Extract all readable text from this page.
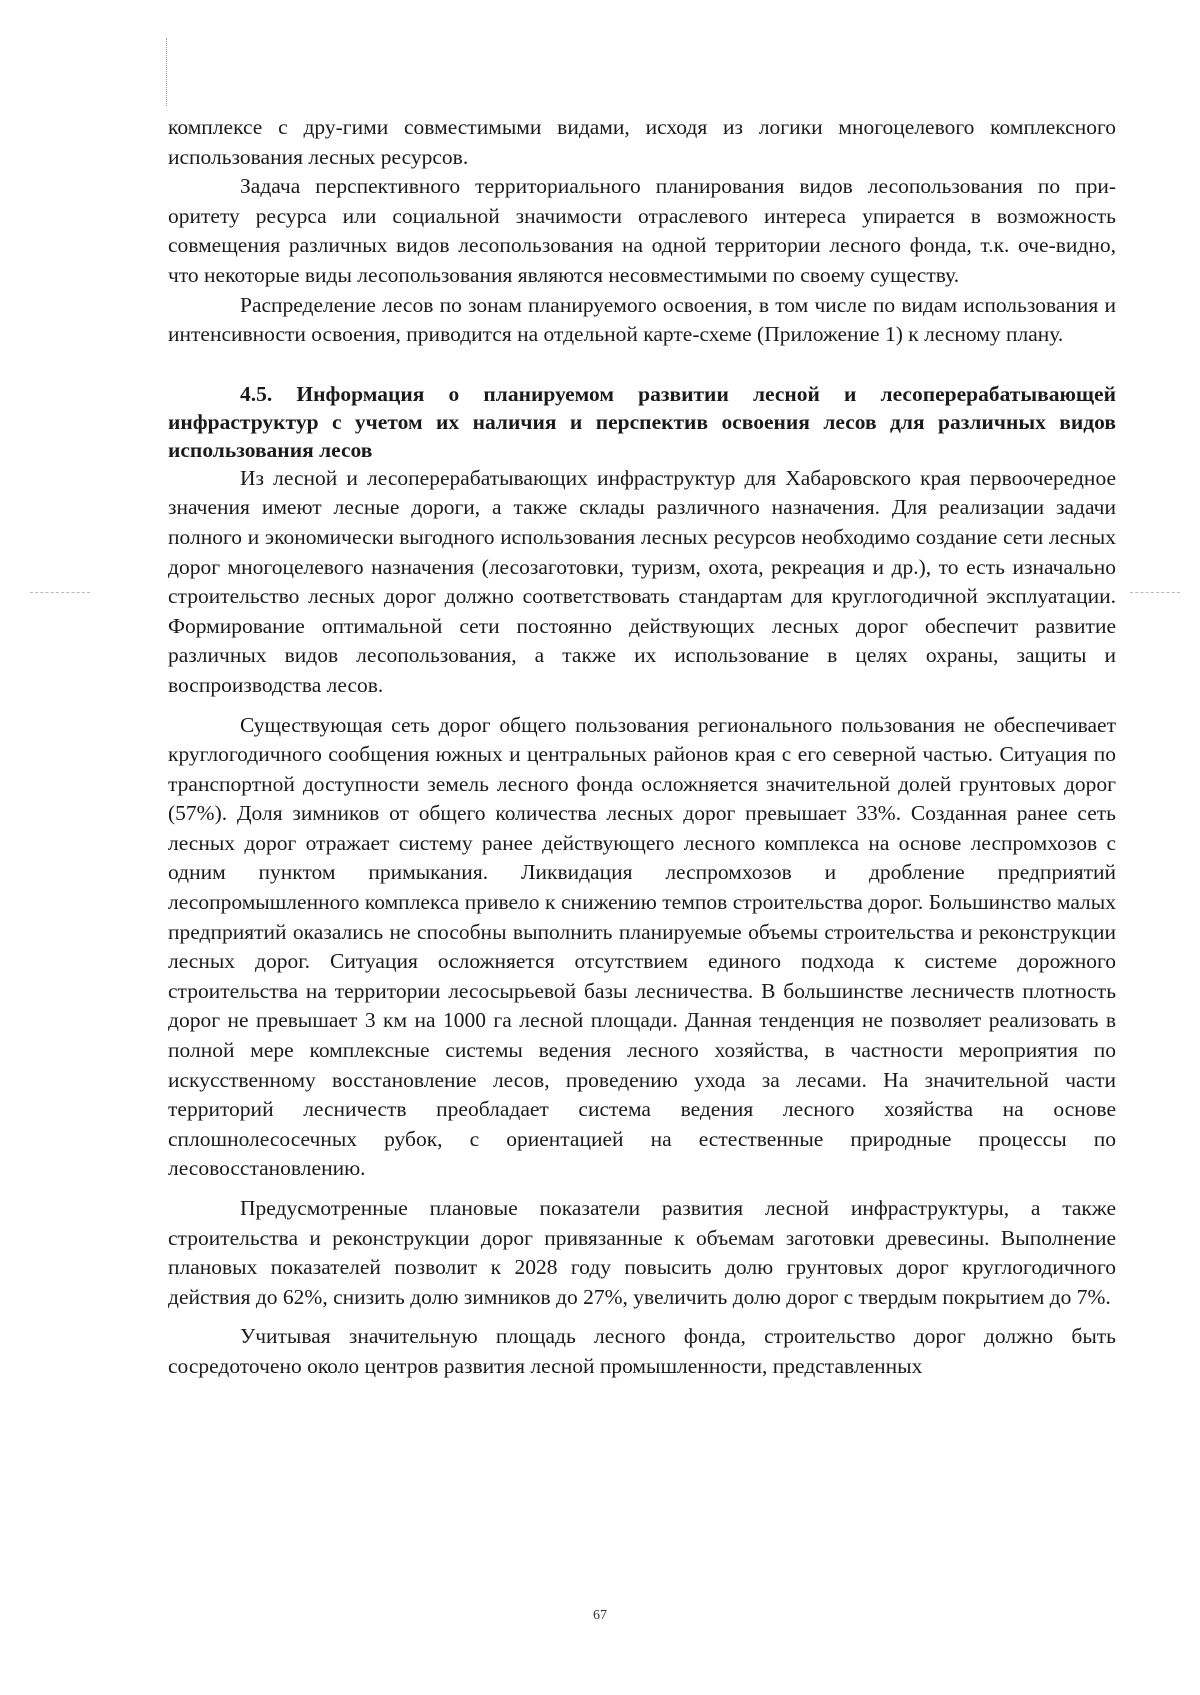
комплексе с дру-гими совместимыми видами, исходя из логики многоцелевого комплексного использования лесных ресурсов.

Задача перспективного территориального планирования видов лесопользования по при-оритету ресурса или социальной значимости отраслевого интереса упирается в возможность совмещения различных видов лесопользования на одной территории лесного фонда, т.к. оче-видно, что некоторые виды лесопользования являются несовместимыми по своему существу.

Распределение лесов по зонам планируемого освоения, в том числе по видам использования и интенсивности освоения, приводится на отдельной карте-схеме (Приложение 1) к лесному плану.

4.5. Информация о планируемом развитии лесной и лесоперерабатывающей инфраструктур с учетом их наличия и перспектив освоения лесов для различных видов использования лесов

Из лесной и лесоперерабатывающих инфраструктур для Хабаровского края первоочередное значения имеют лесные дороги, а также склады различного назначения. Для реализации задачи полного и экономически выгодного использования лесных ресурсов необходимо создание сети лесных дорог многоцелевого назначения (лесозаготовки, туризм, охота, рекреация и др.), то есть изначально строительство лесных дорог должно соответствовать стандартам для круглогодичной эксплуатации. Формирование оптимальной сети постоянно действующих лесных дорог обеспечит развитие различных видов лесопользования, а также их использование в целях охраны, защиты и воспроизводства лесов.

Существующая сеть дорог общего пользования регионального пользования не обеспечивает круглогодичного сообщения южных и центральных районов края с его северной частью. Ситуация по транспортной доступности земель лесного фонда осложняется значительной долей грунтовых дорог (57%). Доля зимников от общего количества лесных дорог превышает 33%. Созданная ранее сеть лесных дорог отражает систему ранее действующего лесного комплекса на основе леспромхозов с одним пунктом примыкания. Ликвидация леспромхозов и дробление предприятий лесопромышленного комплекса привело к снижению темпов строительства дорог. Большинство малых предприятий оказались не способны выполнить планируемые объемы строительства и реконструкции лесных дорог. Ситуация осложняется отсутствием единого подхода к системе дорожного строительства на территории лесосырьевой базы лесничества. В большинстве лесничеств плотность дорог не превышает 3 км на 1000 га лесной площади. Данная тенденция не позволяет реализовать в полной мере комплексные системы ведения лесного хозяйства, в частности мероприятия по искусственному восстановление лесов, проведению ухода за лесами. На значительной части территорий лесничеств преобладает система ведения лесного хозяйства на основе сплошнолесосечных рубок, с ориентацией на естественные природные процессы по лесовосстановлению.

Предусмотренные плановые показатели развития лесной инфраструктуры, а также строительства и реконструкции дорог привязанные к объемам заготовки древесины. Выполнение плановых показателей позволит к 2028 году повысить долю грунтовых дорог круглогодичного действия до 62%, снизить долю зимников до 27%, увеличить долю дорог с твердым покрытием до 7%.

Учитывая значительную площадь лесного фонда, строительство дорог должно быть сосредоточено около центров развития лесной промышленности, представленных

67
